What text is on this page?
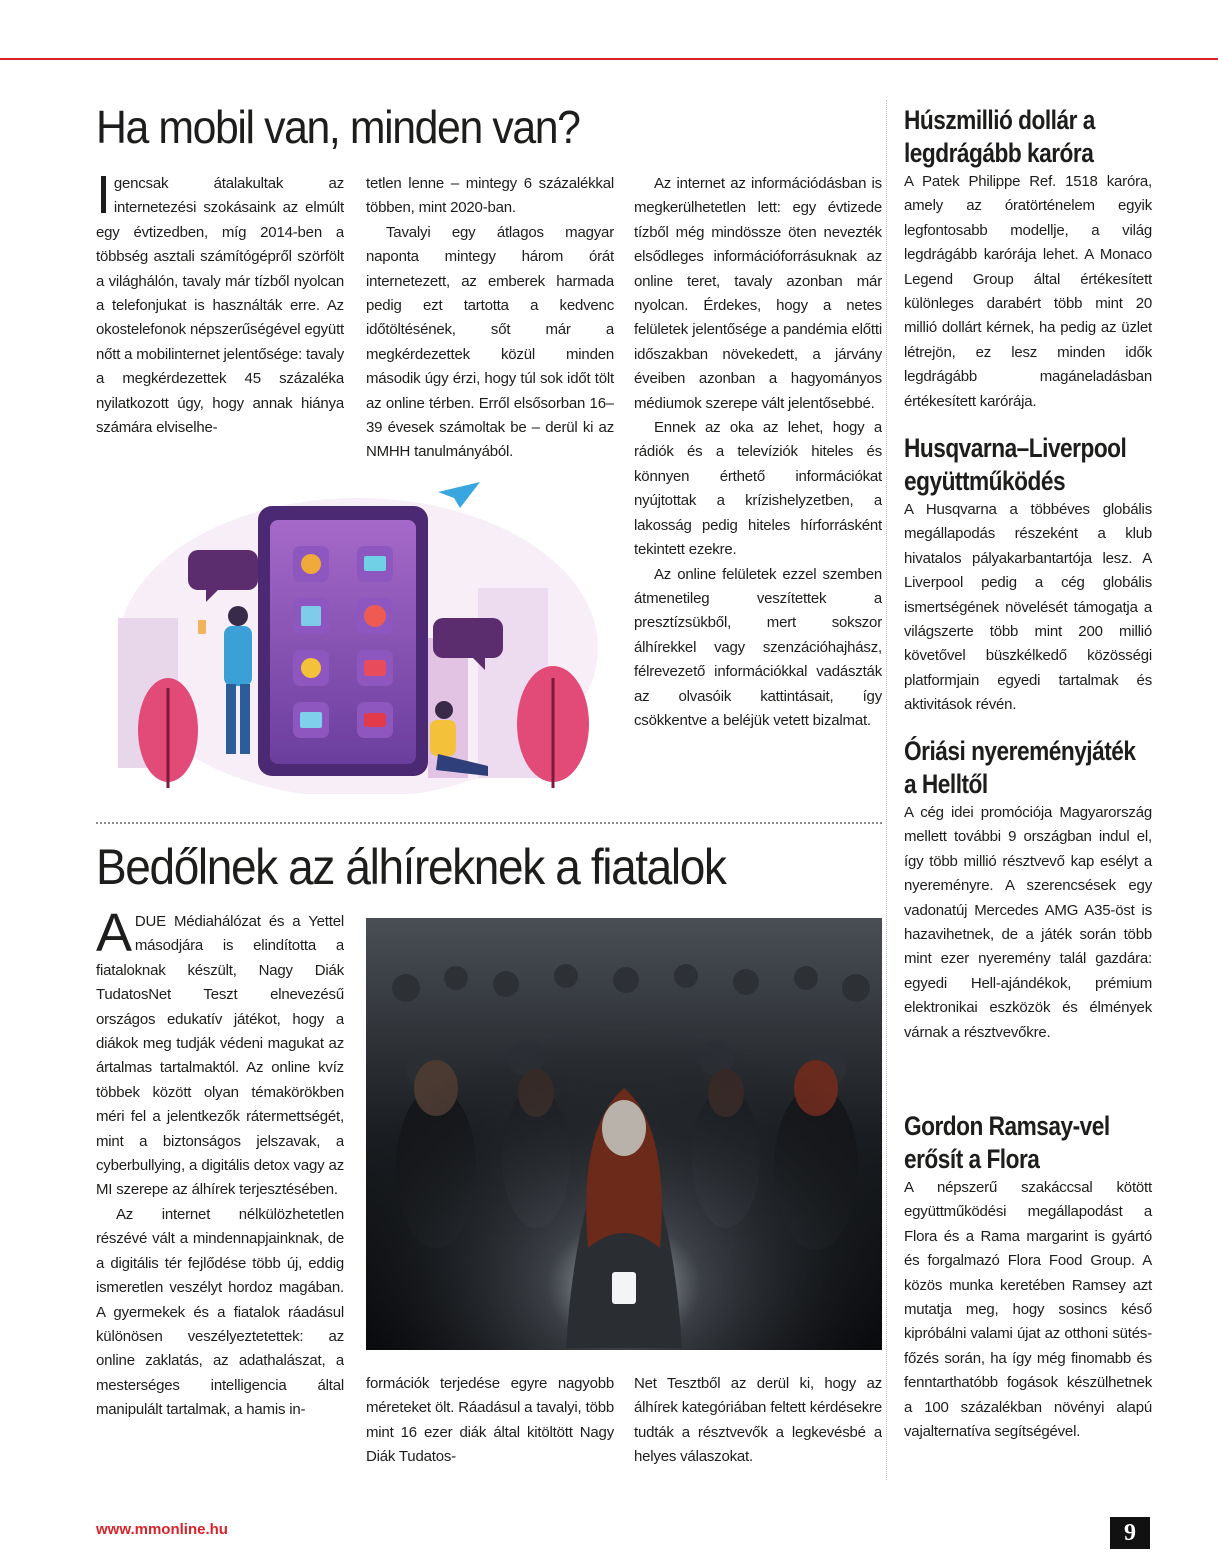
Ha mobil van, minden van?

Igencsak átalakultak az internetezési szokásaink az elmúlt egy évtizedben, míg 2014-ben a többség asztali számítógépről szörfölt a világhálón, tavaly már tízből nyolcan a telefonjukat is használták erre. Az okostelefonok népszerűségével együtt nőtt a mobilinternet jelentősége: tavaly a megkérdezettek 45 százaléka nyilatkozott úgy, hogy annak hiánya számára elviselhe-

tetlen lenne – mintegy 6 százalékkal többen, mint 2020-ban.

Tavalyi egy átlagos magyar naponta mintegy három órát internetezett, az emberek harmada pedig ezt tartotta a kedvenc időtöltésének, sőt már a megkérdezettek közül minden második úgy érzi, hogy túl sok időt tölt az online térben. Erről elsősorban 16–39 évesek számoltak be – derül ki az NMHH tanulmányából.

Az internet az információdásban is megkerülhetetlen lett: egy évtizede tízből még mindössze öten nevezték elsődleges információforrásuknak az online teret, tavaly azonban már nyolcan. Érdekes, hogy a netes felületek jelentősége a pandémia előtti időszakban növekedett, a járvány éveiben azonban a hagyományos médiumok szerepe vált jelentősebbé.

Ennek az oka az lehet, hogy a rádiók és a televíziók hiteles és könnyen érthető információkat nyújtottak a krízishelyzetben, a lakosság pedig hiteles hírforrásként tekintett ezekre.

Az online felületek ezzel szemben átmenetileg veszítettek a presztízsükből, mert sokszor álhírekkel vagy szenzációhajhász, félrevezető információkkal vadászták az olvasóik kattintásait, így csökkentve a beléjük vetett bizalmat.

Bedőlnek az álhíreknek a fiatalok

ADUE Médiahálózat és a Yettel másodjára is elindította a fiataloknak készült, Nagy Diák TudatosNet Teszt elnevezésű országos edukatív játékot, hogy a diákok meg tudják védeni magukat az ártalmas tartalmaktól. Az online kvíz többek között olyan témakörökben méri fel a jelentkezők rátermettségét, mint a biztonságos jelszavak, a cyberbullying, a digitális detox vagy az MI szerepe az álhírek terjesztésében.

Az internet nélkülözhetetlen részévé vált a mindennapjainknak, de a digitális tér fejlődése több új, eddig ismeretlen veszélyt hordoz magában. A gyermekek és a fiatalok ráadásul különösen veszélyeztetettek: az online zaklatás, az adathalászat, a mesterséges intelligencia által manipulált tartalmak, a hamis in-

formációk terjedése egyre nagyobb méreteket ölt. Ráadásul a tavalyi, több mint 16 ezer diák által kitöltött Nagy Diák Tudatos-

Net Tesztből az derül ki, hogy az álhírek kategóriában feltett kérdésekre tudták a résztvevők a legkevésbé a helyes válaszokat.

Húszmillió dollár a legdrágább karóra

A Patek Philippe Ref. 1518 karóra, amely az óratörténelem egyik legfontosabb modellje, a világ legdrágább karórája lehet. A Monaco Legend Group által értékesített különleges darabért több mint 20 millió dollárt kérnek, ha pedig az üzlet létrejön, ez lesz minden idők legdrágább magáneladásban értékesített karórája.

Husqvarna–Liverpool együttműködés

A Husqvarna a többéves globális megállapodás részeként a klub hivatalos pályakarbantartója lesz. A Liverpool pedig a cég globális ismertségének növelését támogatja a világszerte több mint 200 millió követővel büszkélkedő közösségi platformjain egyedi tartalmak és aktivitások révén.

Óriási nyereményjáték a Helltől

A cég idei promóciója Magyarország mellett további 9 országban indul el, így több millió résztvevő kap esélyt a nyereményre. A szerencsések egy vadonatúj Mercedes AMG A35-öst is hazavihetnek, de a játék során több mint ezer nyeremény talál gazdára: egyedi Hell-ajándékok, prémium elektronikai eszközök és élmények várnak a résztvevőkre.

Gordon Ramsay-vel erősít a Flora

A népszerű szakáccsal kötött együttműködési megállapodást a Flora és a Rama margarint is gyártó és forgalmazó Flora Food Group. A közös munka keretében Ramsey azt mutatja meg, hogy sosincs késő kipróbálni valami újat az otthoni sütés-főzés során, ha így még finomabb és fenntarthatóbb fogások készülhetnek a 100 százalékban növényi alapú vajalternatíva segítségével.

www.mmonline.hu	9
